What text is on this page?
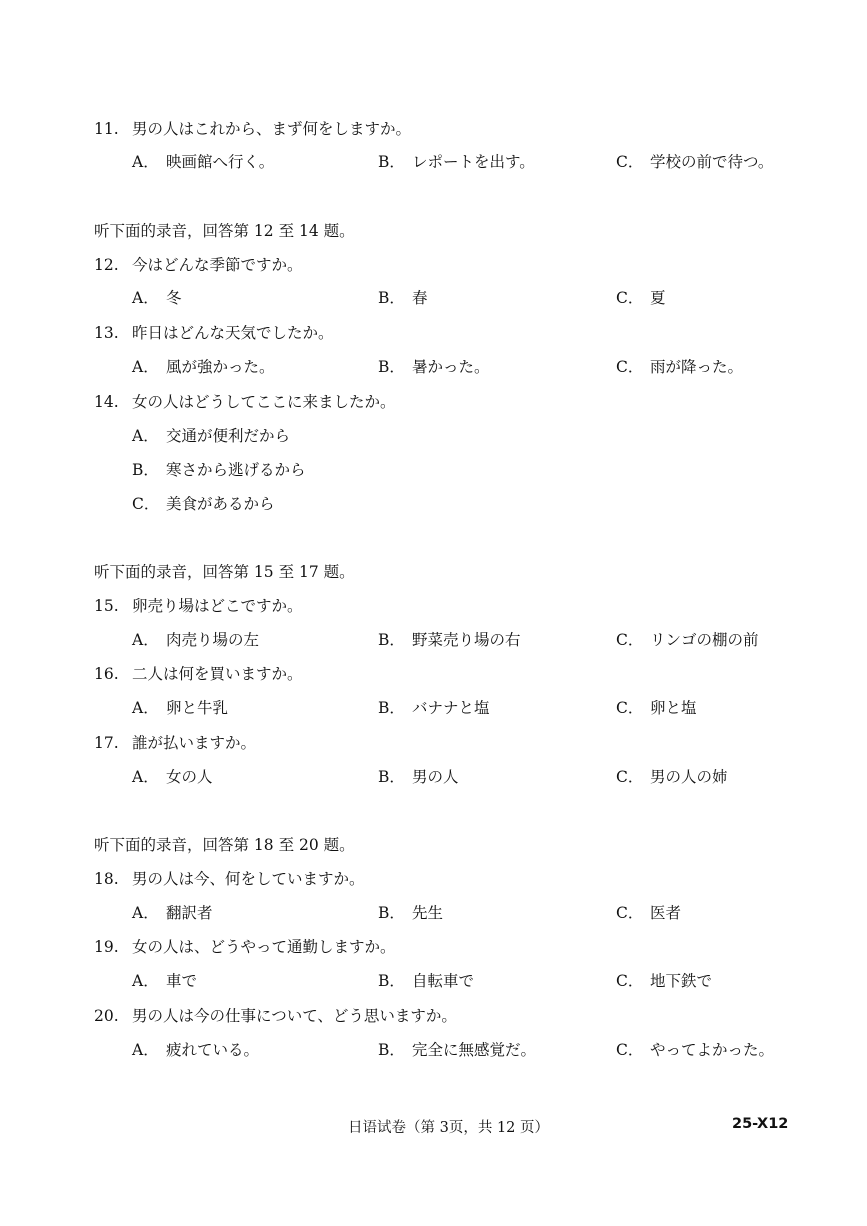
11. 男の人はこれから、まず何をしますか。
A． 映画館へ行く。	B． レポートを出す。	C． 学校の前で待つ。
听下面的录音，回答第 12 至 14 题。
12. 今はどんな季節ですか。
A． 冬	B． 春	C． 夏
13. 昨日はどんな天気でしたか。
A． 風が強かった。	B． 暑かった。	C． 雨が降った。
14. 女の人はどうしてここに来ましたか。
A． 交通が便利だから
B． 寒さから逃げるから
C． 美食があるから
听下面的录音，回答第 15 至 17 题。
15. 卵売り場はどこですか。
A． 肉売り場の左	B． 野菜売り場の右	C． リンゴの棚の前
16. 二人は何を買いますか。
A． 卵と牛乳	B． バナナと塩	C． 卵と塩
17. 誰が払いますか。
A． 女の人	B． 男の人	C． 男の人の姉
听下面的录音，回答第 18 至 20 题。
18. 男の人は今、何をしていますか。
A． 翻訳者	B． 先生	C． 医者
19. 女の人は、どうやって通勤しますか。
A． 車で	B． 自転車で	C． 地下鉄で
20. 男の人は今の仕事について、どう思いますか。
A． 疲れている。	B． 完全に無感覚だ。	C． やってよかった。
日语试卷（第 3页，共 12 页）	25-X12
